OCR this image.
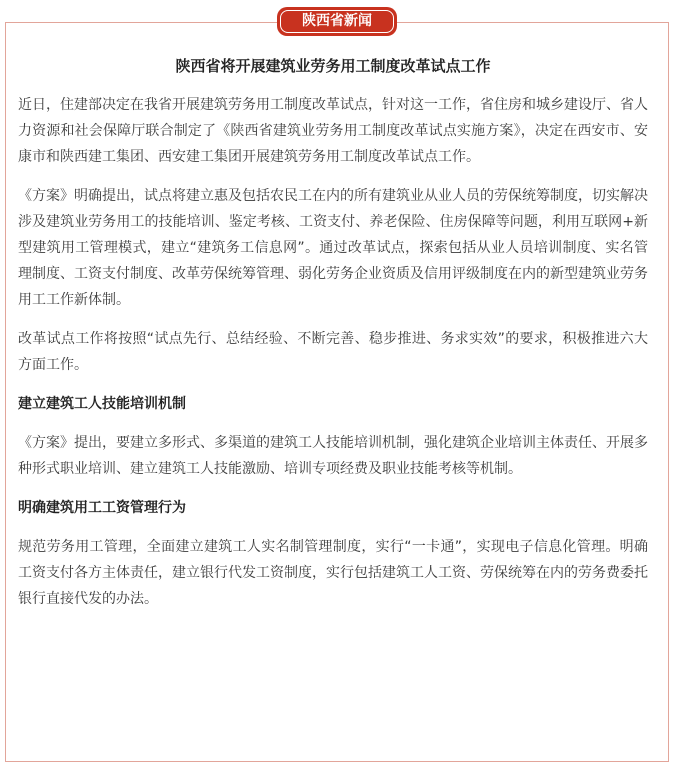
陕西省新闻
陕西省将开展建筑业劳务用工制度改革试点工作

近日，住建部决定在我省开展建筑劳务用工制度改革试点，针对这一工作，省住房和城乡建设厅、省人力资源和社会保障厅联合制定了《陕西省建筑业劳务用工制度改革试点实施方案》，决定在西安市、安康市和陕西建工集团、西安建工集团开展建筑劳务用工制度改革试点工作。

《方案》明确提出，试点将建立惠及包括农民工在内的所有建筑业从业人员的劳保统筹制度，切实解决涉及建筑业劳务用工的技能培训、鉴定考核、工资支付、养老保险、住房保障等问题，利用互联网+新型建筑用工管理模式，建立“建筑务工信息网”。通过改革试点，探索包括从业人员培训制度、实名管理制度、工资支付制度、改革劳保统筹管理、弱化劳务企业资质及信用评级制度在内的新型建筑业劳务用工工作新体制。

改革试点工作将按照“试点先行、总结经验、不断完善、稳步推进、务求实效”的要求，积极推进六大方面工作。

建立建筑工人技能培训机制

《方案》提出，要建立多形式、多渠道的建筑工人技能培训机制，强化建筑企业培训主体责任、开展多种形式职业培训、建立建筑工人技能激励、培训专项经费及职业技能考核等机制。

明确建筑用工工资管理行为

规范劳务用工管理，全面建立建筑工人实名制管理制度，实行“一卡通”，实现电子信息化管理。明确工资支付各方主体责任，建立银行代发工资制度，实行包括建筑工人工资、劳保统筹在内的劳务费委托银行直接代发的办法。
